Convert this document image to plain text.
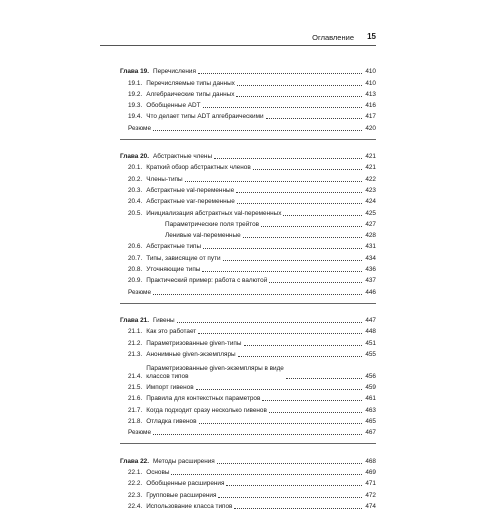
Оглавление 15
Глава 19. Перечисления	410
19.1. Перечисляемые типы данных	410
19.2. Алгебраические типы данных	413
19.3. Обобщенные ADT	416
19.4. Что делает типы ADT алгебраическими	417
Резюме	420
Глава 20. Абстрактные члены	421
20.1. Краткий обзор абстрактных членов	421
20.2. Члены-типы	422
20.3. Абстрактные val-переменные	423
20.4. Абстрактные var-переменные	424
20.5. Инициализация абстрактных val-переменных	425
Параметрические поля трейтов	427
Ленивые val-переменные	428
20.6. Абстрактные типы	431
20.7. Типы, зависящие от пути	434
20.8. Уточняющие типы	436
20.9. Практический пример: работа с валютой	437
Резюме	446
Глава 21. Гивены	447
21.1. Как это работает	448
21.2. Параметризованные given-типы	451
21.3. Анонимные given-экземпляры	455
21.4.
Параметризованные given-экземпляры в виде
классов типов	456
21.5. Импорт гивенов	459
21.6. Правила для контекстных параметров	461
21.7. Когда подходит сразу несколько гивенов	463
21.8. Отладка гивенов	465
Резюме	467
Глава 22. Методы расширения	468
22.1. Основы	469
22.2. Обобщенные расширения	471
22.3. Групповые расширения	472
22.4. Использование класса типов	474
